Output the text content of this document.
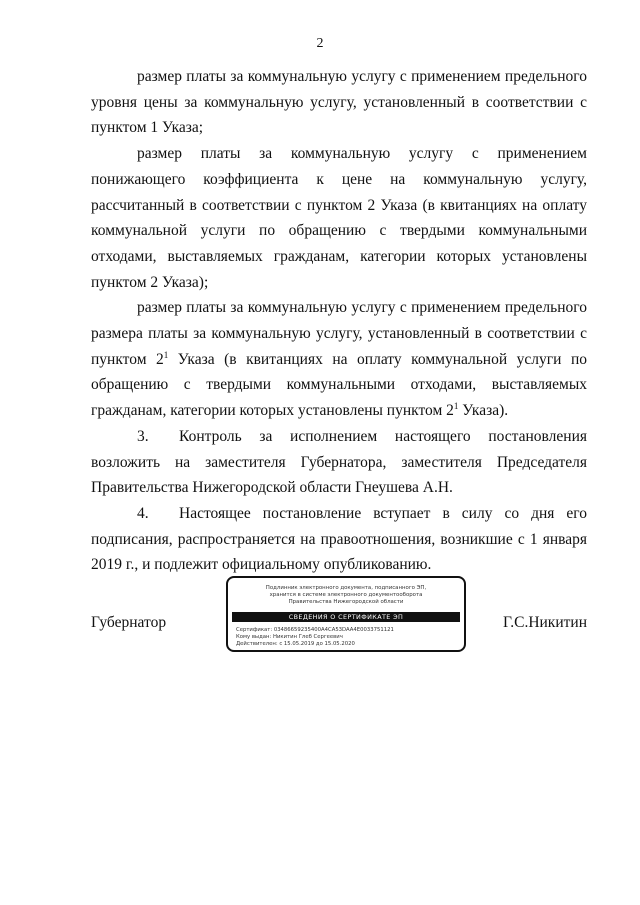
2

размер платы за коммунальную услугу с применением предельного уровня цены за коммунальную услугу, установленный в соответствии с пунктом 1 Указа;

размер платы за коммунальную услугу с применением понижающего коэффициента к цене на коммунальную услугу, рассчитанный в соответствии с пунктом 2 Указа (в квитанциях на оплату коммунальной услуги по обращению с твердыми коммунальными отходами, выставляемых гражданам, категории которых установлены пунктом 2 Указа);

размер платы за коммунальную услугу с применением предельного размера платы за коммунальную услугу, установленный в соответствии с пунктом $2^1$ Указа (в квитанциях на оплату коммунальной услуги по обращению с твердыми коммунальными отходами, выставляемых гражданам, категории которых установлены пунктом $2^1$ Указа).

3. Контроль за исполнением настоящего постановления возложить на заместителя Губернатора, заместителя Председателя Правительства Нижегородской области Гнеушева А.Н.

4. Настоящее постановление вступает в силу со дня его подписания, распространяется на правоотношения, возникшие с 1 января 2019 г., и подлежит официальному опубликованию.

Губернатор
Подлинник электронного документа, подписанного ЭП,
хранится в системе электронного документооборота
Правительства Нижегородской области
СВЕДЕНИЯ О СЕРТИФИКАТЕ ЭП
Сертификат: 03486659235400A4CA53DAA4E0033751121
Кому выдан: Никитин Глеб Сергеевич
Действителен: с 15.05.2019 до 15.05.2020
Г.С.Никитин
